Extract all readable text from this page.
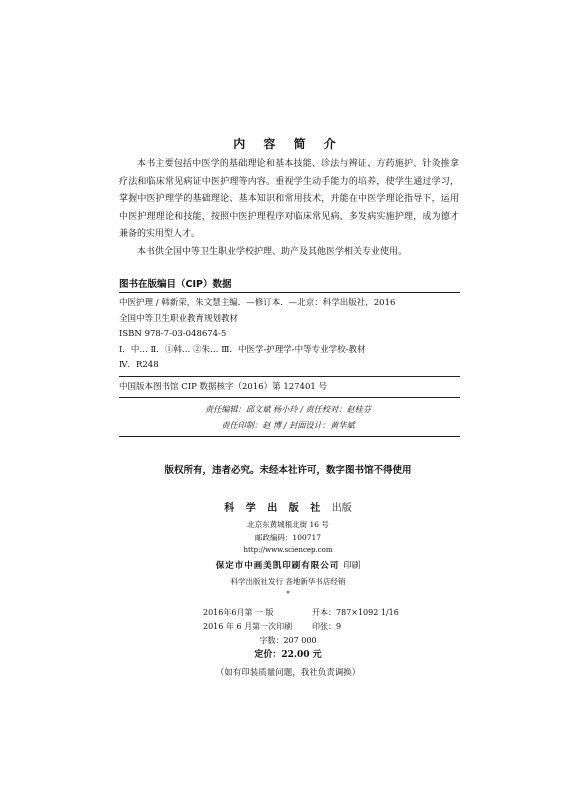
内 容 简 介

本书主要包括中医学的基础理论和基本技能、诊法与辨证、方药施护、针灸推拿疗法和临床常见病证中医护理等内容。重视学生动手能力的培养，使学生通过学习，掌握中医护理学的基础理论、基本知识和常用技术，并能在中医学理论指导下，运用中医护理理论和技能，按照中医护理程序对临床常见病、多发病实施护理，成为德才兼备的实用型人才。

本书供全国中等卫生职业学校护理、助产及其他医学相关专业使用。

图书在版编目（CIP）数据
中医护理 / 韩新荣，朱文慧主编．—修订本．—北京：科学出版社，2016
全国中等卫生职业教育规划教材
ISBN 978-7-03-048674-5
Ⅰ．中… Ⅱ．①韩… ②朱… Ⅲ．中医学-护理学-中等专业学校-教材
Ⅳ．R248
中国版本图书馆 CIP 数据核字（2016）第 127401 号
责任编辑：邱文斌 杨小玲 / 责任校对：赵桂芬
责任印制：赵 博 / 封面设计：黄华斌
版权所有，违者必究。未经本社许可，数字图书馆不得使用
科 学 出 版 社 出版
北京东黄城根北街 16 号
邮政编码：100717
http://www.sciencep.com
保定市中画美凯印刷有限公司 印刷
科学出版社发行 各地新华书店经销
*
2016年6月第 一 版	开本：787×1092 1/16
2016 年 6 月第一次印刷 印张：9
字数：207 000
定价：22.00 元
（如有印装质量问题，我社负责调换）
